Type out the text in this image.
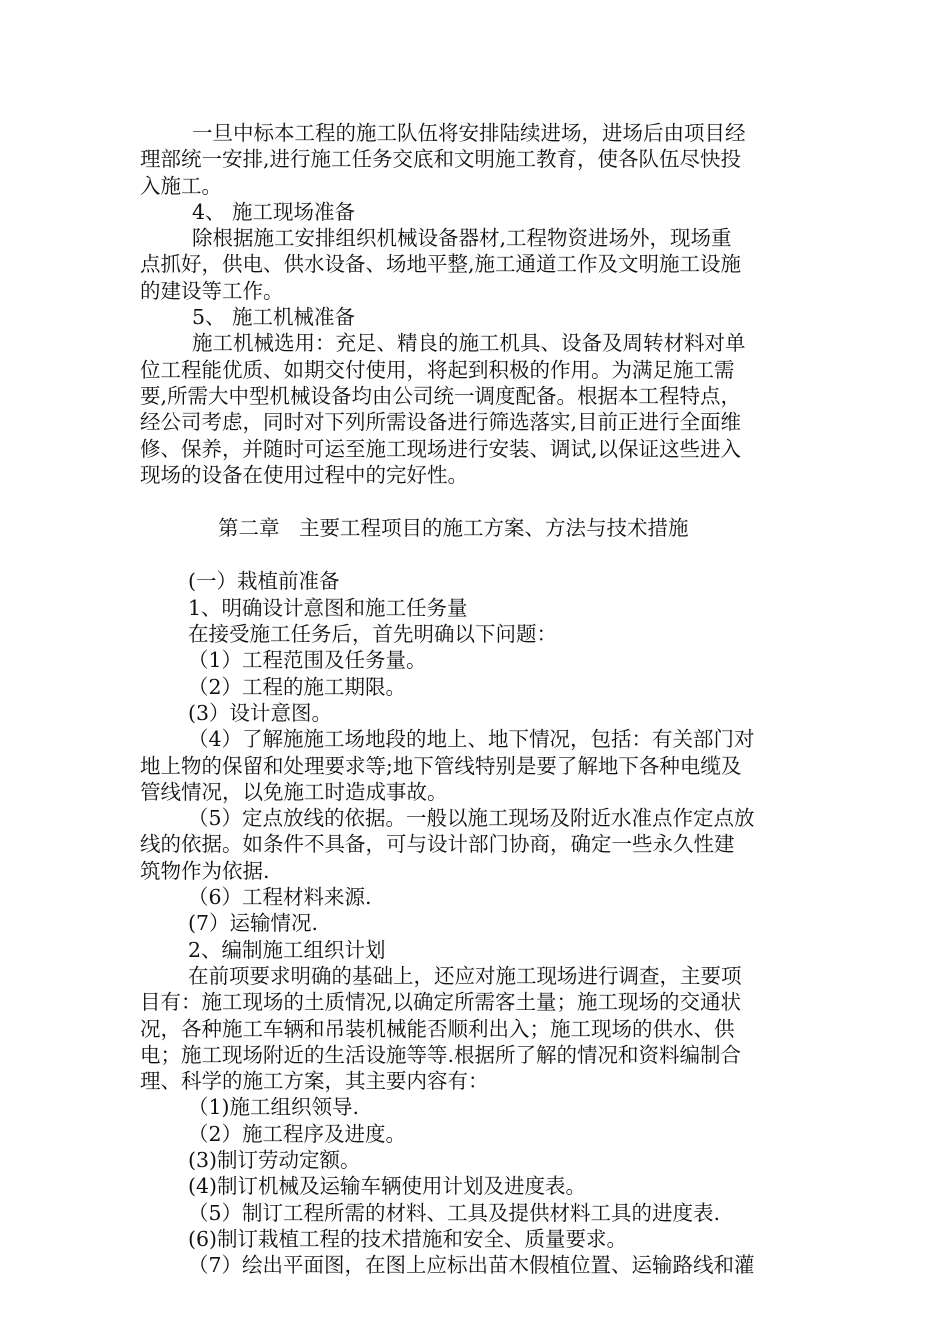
一旦中标本工程的施工队伍将安排陆续进场，进场后由项目经

理部统一安排,进行施工任务交底和文明施工教育，使各队伍尽快投

入施工。

4、 施工现场准备

除根据施工安排组织机械设备器材,工程物资进场外，现场重

点抓好，供电、供水设备、场地平整,施工通道工作及文明施工设施

的建设等工作。

5、 施工机械准备

施工机械选用：充足、精良的施工机具、设备及周转材料对单

位工程能优质、如期交付使用，将起到积极的作用。为满足施工需

要,所需大中型机械设备均由公司统一调度配备。根据本工程特点，

经公司考虑，同时对下列所需设备进行筛选落实,目前正进行全面维

修、保养，并随时可运至施工现场进行安装、调试,以保证这些进入

现场的设备在使用过程中的完好性。

第二章   主要工程项目的施工方案、方法与技术措施

(一）栽植前准备

1、明确设计意图和施工任务量

在接受施工任务后，首先明确以下问题：

（1）工程范围及任务量。

（2）工程的施工期限。

(3）设计意图。

（4）了解施施工场地段的地上、地下情况，包括：有关部门对

地上物的保留和处理要求等;地下管线特别是要了解地下各种电缆及

管线情况，以免施工时造成事故。

（5）定点放线的依据。一般以施工现场及附近水准点作定点放

线的依据。如条件不具备，可与设计部门协商，确定一些永久性建

筑物作为依据.

（6）工程材料来源.

(7）运输情况.

2、编制施工组织计划

在前项要求明确的基础上，还应对施工现场进行调查，主要项

目有：施工现场的土质情况,以确定所需客土量；施工现场的交通状

况，各种施工车辆和吊装机械能否顺利出入；施工现场的供水、供

电；施工现场附近的生活设施等等.根据所了解的情况和资料编制合

理、科学的施工方案，其主要内容有：

（1)施工组织领导.

（2）施工程序及进度。

(3)制订劳动定额。

(4)制订机械及运输车辆使用计划及进度表。

（5）制订工程所需的材料、工具及提供材料工具的进度表.

(6)制订栽植工程的技术措施和安全、质量要求。

（7）绘出平面图，在图上应标出苗木假植位置、运输路线和灌
